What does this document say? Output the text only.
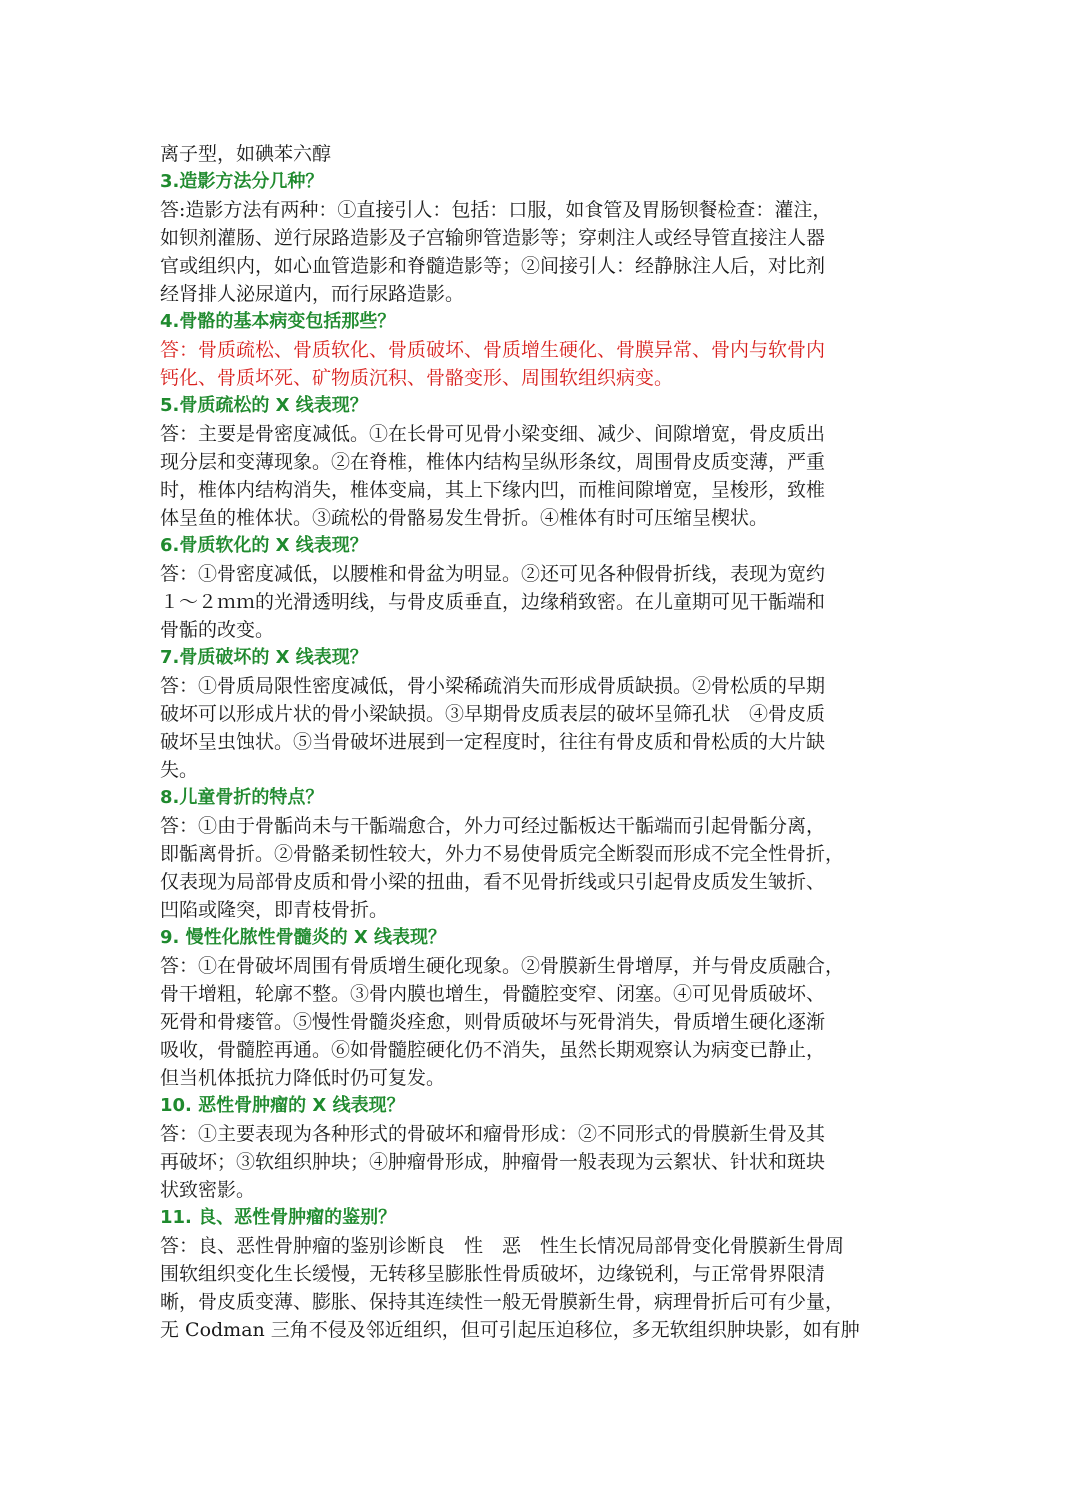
离子型，如碘苯六醇
3.造影方法分几种？
答:造影方法有两种：①直接引人：包括：口服，如食管及胃肠钡餐检查：灌注，
如钡剂灌肠、逆行尿路造影及子宫输卵管造影等；穿刺注人或经导管直接注人器
官或组织内，如心血管造影和脊髓造影等；②间接引人：经静脉注人后，对比剂
经肾排人泌尿道内，而行尿路造影。
4.骨骼的基本病变包括那些？
答：骨质疏松、骨质软化、骨质破坏、骨质增生硬化、骨膜异常、骨内与软骨内
钙化、骨质坏死、矿物质沉积、骨骼变形、周围软组织病变。
5.骨质疏松的 X 线表现？
答：主要是骨密度减低。①在长骨可见骨小梁变细、减少、间隙增宽，骨皮质出
现分层和变薄现象。②在脊椎，椎体内结构呈纵形条纹，周围骨皮质变薄，严重
时，椎体内结构消失，椎体变扁，其上下缘内凹，而椎间隙增宽，呈梭形，致椎
体呈鱼的椎体状。③疏松的骨骼易发生骨折。④椎体有时可压缩呈楔状。
6.骨质软化的 X 线表现？
答：①骨密度减低，以腰椎和骨盆为明显。②还可见各种假骨折线，表现为宽约
１～２ｍｍ的光滑透明线，与骨皮质垂直，边缘稍致密。在儿童期可见干骺端和
骨骺的改变。
7.骨质破坏的 X 线表现？
答：①骨质局限性密度减低，骨小梁稀疏消失而形成骨质缺损。②骨松质的早期
破坏可以形成片状的骨小梁缺损。③早期骨皮质表层的破坏呈筛孔状　④骨皮质
破坏呈虫蚀状。⑤当骨破坏进展到一定程度时，往往有骨皮质和骨松质的大片缺
失。
8.儿童骨折的特点？
答：①由于骨骺尚未与干骺端愈合，外力可经过骺板达干骺端而引起骨骺分离，
即骺离骨折。②骨骼柔韧性较大，外力不易使骨质完全断裂而形成不完全性骨折，
仅表现为局部骨皮质和骨小梁的扭曲，看不见骨折线或只引起骨皮质发生皱折、
凹陷或隆突，即青枝骨折。
9. 慢性化脓性骨髓炎的 X 线表现？
答：①在骨破坏周围有骨质增生硬化现象。②骨膜新生骨增厚，并与骨皮质融合，
骨干增粗，轮廓不整。③骨内膜也增生，骨髓腔变窄、闭塞。④可见骨质破坏、
死骨和骨瘘管。⑤慢性骨髓炎痊愈，则骨质破坏与死骨消失，骨质增生硬化逐渐
吸收，骨髓腔再通。⑥如骨髓腔硬化仍不消失，虽然长期观察认为病变已静止，
但当机体抵抗力降低时仍可复发。
10. 恶性骨肿瘤的 X 线表现？
答：①主要表现为各种形式的骨破坏和瘤骨形成：②不同形式的骨膜新生骨及其
再破坏；③软组织肿块；④肿瘤骨形成，肿瘤骨一般表现为云絮状、针状和斑块
状致密影。
11. 良、恶性骨肿瘤的鉴别？
答：良、恶性骨肿瘤的鉴别诊断良　性　恶　性生长情况局部骨变化骨膜新生骨周
围软组织变化生长缓慢，无转移呈膨胀性骨质破坏，边缘锐利，与正常骨界限清
晰，骨皮质变薄、膨胀、保持其连续性一般无骨膜新生骨，病理骨折后可有少量，
无 Codman 三角不侵及邻近组织，但可引起压迫移位，多无软组织肿块影，如有肿
